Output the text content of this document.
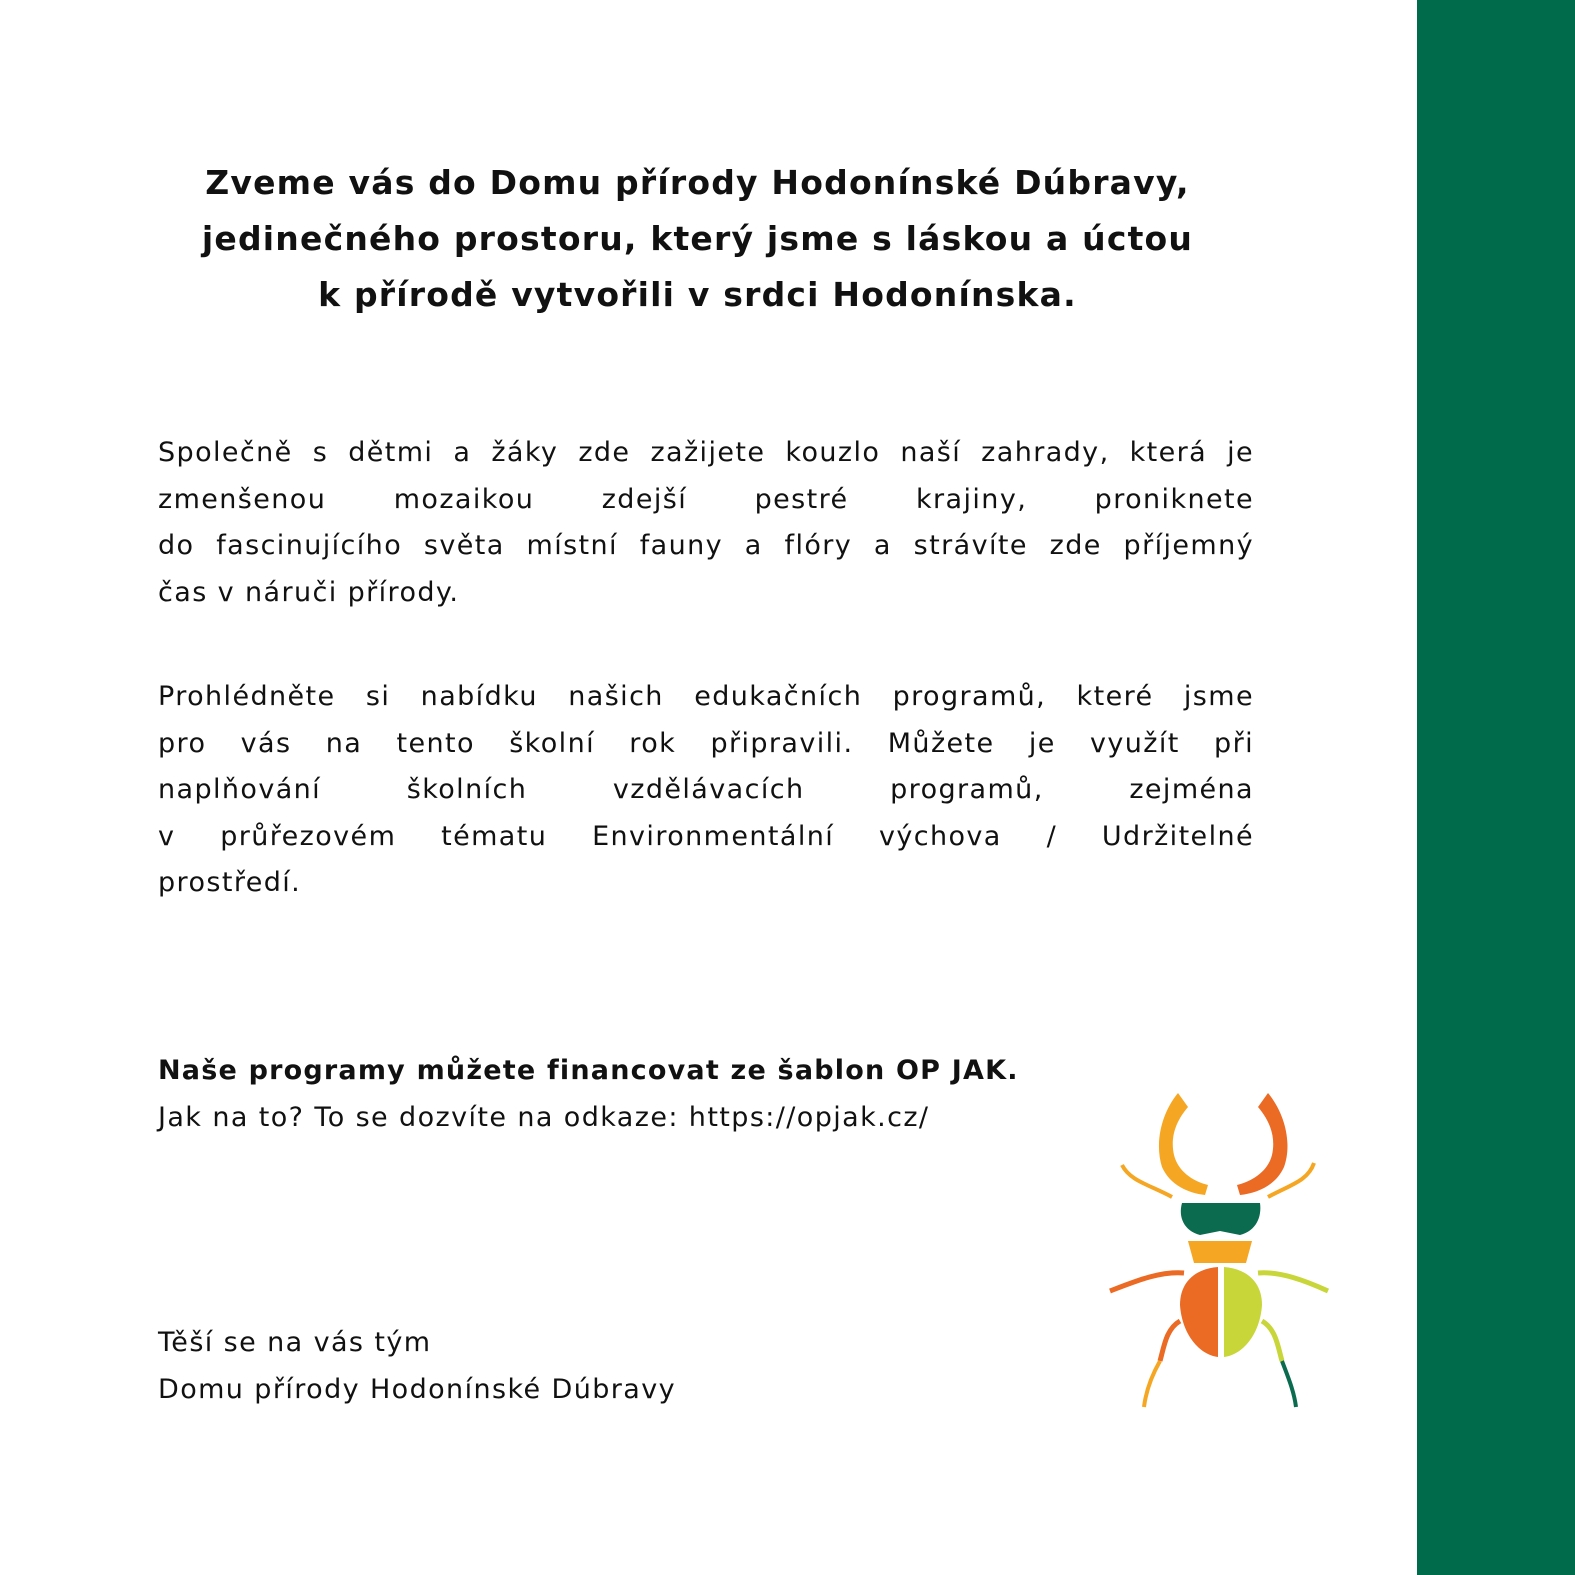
Zveme vás do Domu přírody Hodonínské Dúbravy,
jedinečného prostoru, který jsme s láskou a úctou
k přírodě vytvořili v srdci Hodonínska.

Společně s dětmi a žáky zde zažijete kouzlo naší zahrady, která je
zmenšenou mozaikou zdejší pestré krajiny, proniknete
do fascinujícího světa místní fauny a flóry a strávíte zde příjemný
čas v náruči přírody.

Prohlédněte si nabídku našich edukačních programů, které jsme
pro vás na tento školní rok připravili. Můžete je využít při
naplňování školních vzdělávacích programů, zejména
v průřezovém tématu Environmentální výchova / Udržitelné
prostředí.

Naše programy můžete financovat ze šablon OP JAK.
Jak na to? To se dozvíte na odkaze: https://opjak.cz/
Těší se na vás tým
Domu přírody Hodonínské Dúbravy
